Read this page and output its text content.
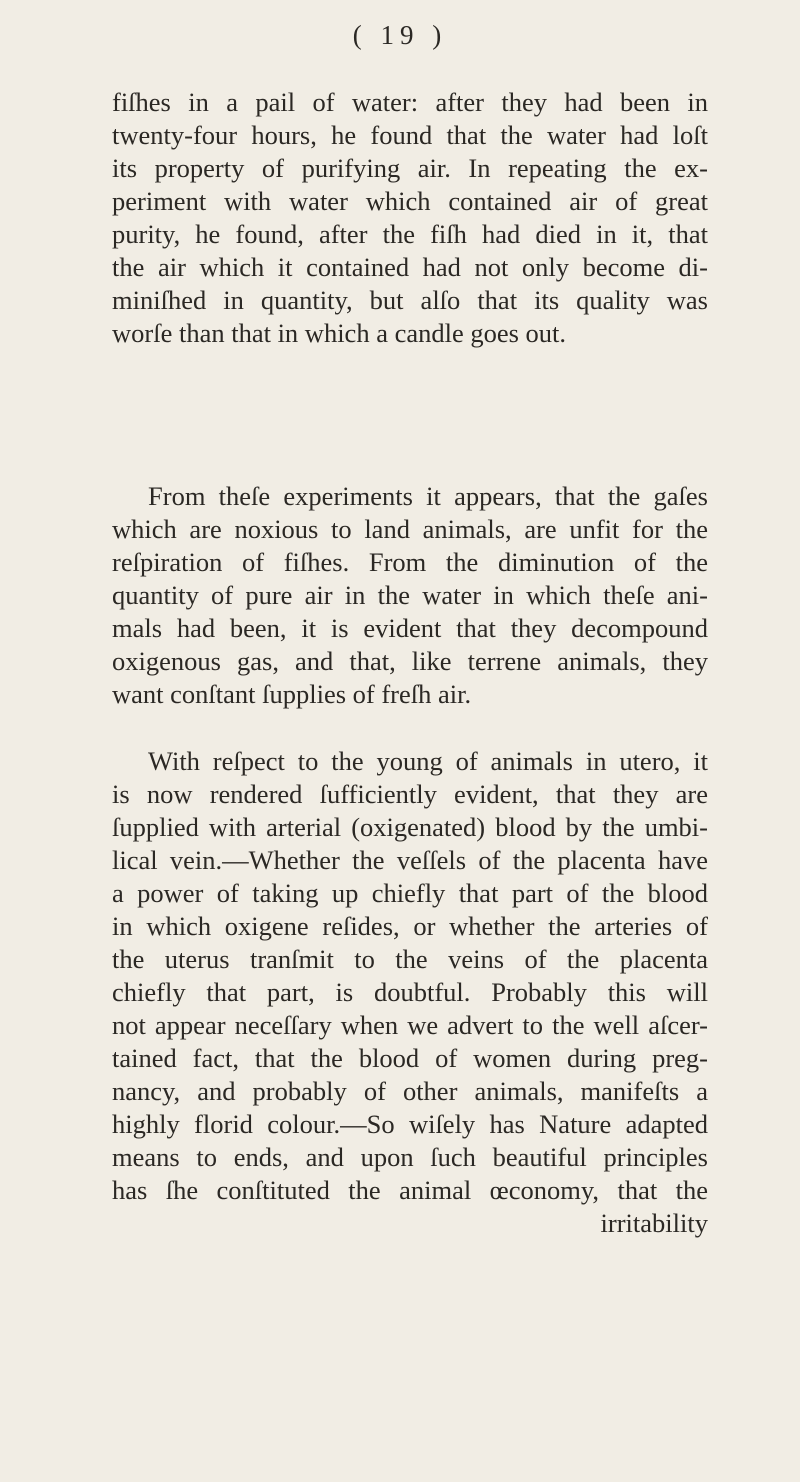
( 19 )
fiſhes in a pail of water: after they had been in
twenty-four hours, he found that the water had loſt
its property of purifying air. In repeating the ex-
periment with water which contained air of great
purity, he found, after the fiſh had died in it, that
the air which it contained had not only become di-
miniſhed in quantity, but alſo that its quality was
worſe than that in which a candle goes out.
From theſe experiments it appears, that the gaſes
which are noxious to land animals, are unfit for the
reſpiration of fiſhes. From the diminution of the
quantity of pure air in the water in which theſe ani-
mals had been, it is evident that they decompound
oxigenous gas, and that, like terrene animals, they
want conſtant ſupplies of freſh air.
With reſpect to the young of animals in utero, it
is now rendered ſufficiently evident, that they are
ſupplied with arterial (oxigenated) blood by the umbi-
lical vein.—Whether the veſſels of the placenta have
a power of taking up chiefly that part of the blood
in which oxigene reſides, or whether the arteries of
the uterus tranſmit to the veins of the placenta
chiefly that part, is doubtful. Probably this will
not appear neceſſary when we advert to the well aſcer-
tained fact, that the blood of women during preg-
nancy, and probably of other animals, manifeſts a
highly florid colour.—So wiſely has Nature adapted
means to ends, and upon ſuch beautiful principles
has ſhe conſtituted the animal œconomy, that the
irritability
